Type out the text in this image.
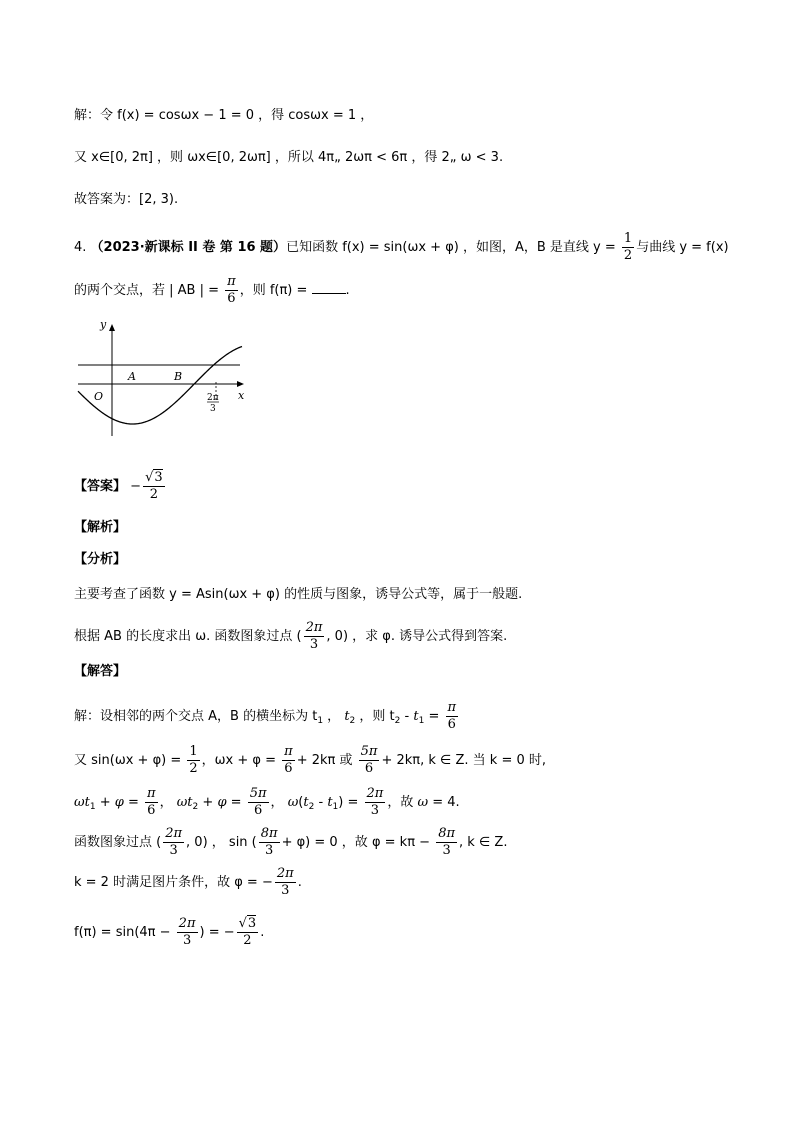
解：令 f(x) = cosωx − 1 = 0 ，得 cosωx = 1 ，
又 x∈[0, 2π] ，则 ωx∈[0, 2ωπ] ，所以 4π„ 2ωπ < 6π ，得 2„ ω < 3.
故答案为：[2, 3).
4. （2023·新课标 II 卷 第 16 题）已知函数 f(x) = sin(ωx + φ) ，如图，A，B 是直线 $y = \frac{1}{2}$ 与曲线 y = f(x)
的两个交点，若 | AB | = $\frac{\pi}{6}$ ，则 f(π) =	.
y
x
O
A	B
2π
3
【答案】 − $\frac{√3}{2}$
【解析】
【分析】
主要考查了函数 y = Asin(ωx + φ) 的性质与图象，诱导公式等，属于一般题.
根据 AB 的长度求出 ω. 函数图象过点 ( $\frac{2\pi}{3}$ , 0) ，求 φ. 诱导公式得到答案.
【解答】
解：设相邻的两个交点 A，B 的横坐标为 $t_1$ ， $t_2$ ，则 $t_2 - t_1 = \frac{\pi}{6}$
又 $\sin(\omega x + \varphi) = \frac{1}{2}$ ，$\omega x + \varphi = \frac{\pi}{6} + 2k\pi$ 或 $\frac{5\pi}{6} + 2k\pi$, k ∈ Z. 当 k = 0 时,
$\omega t_1 + \varphi = \frac{\pi}{6}$ ， $\omega t_2 + \varphi = \frac{5\pi}{6}$ ， $\omega(t_2 - t_1) = \frac{2\pi}{3}$ ，故 ω = 4.
函数图象过点 ( $\frac{2\pi}{3}$ , 0) ， sin ( $\frac{8\pi}{3} + \varphi) = 0$ ，故 $\varphi = k\pi - \frac{8\pi}{3}$ , k ∈ Z.
k = 2 时满足图片条件，故 φ = − $\frac{2\pi}{3}$ .
$f(\pi) = \sin(4\pi - \frac{2\pi}{3}$ ) = − $\frac{√3}{2}$ .
